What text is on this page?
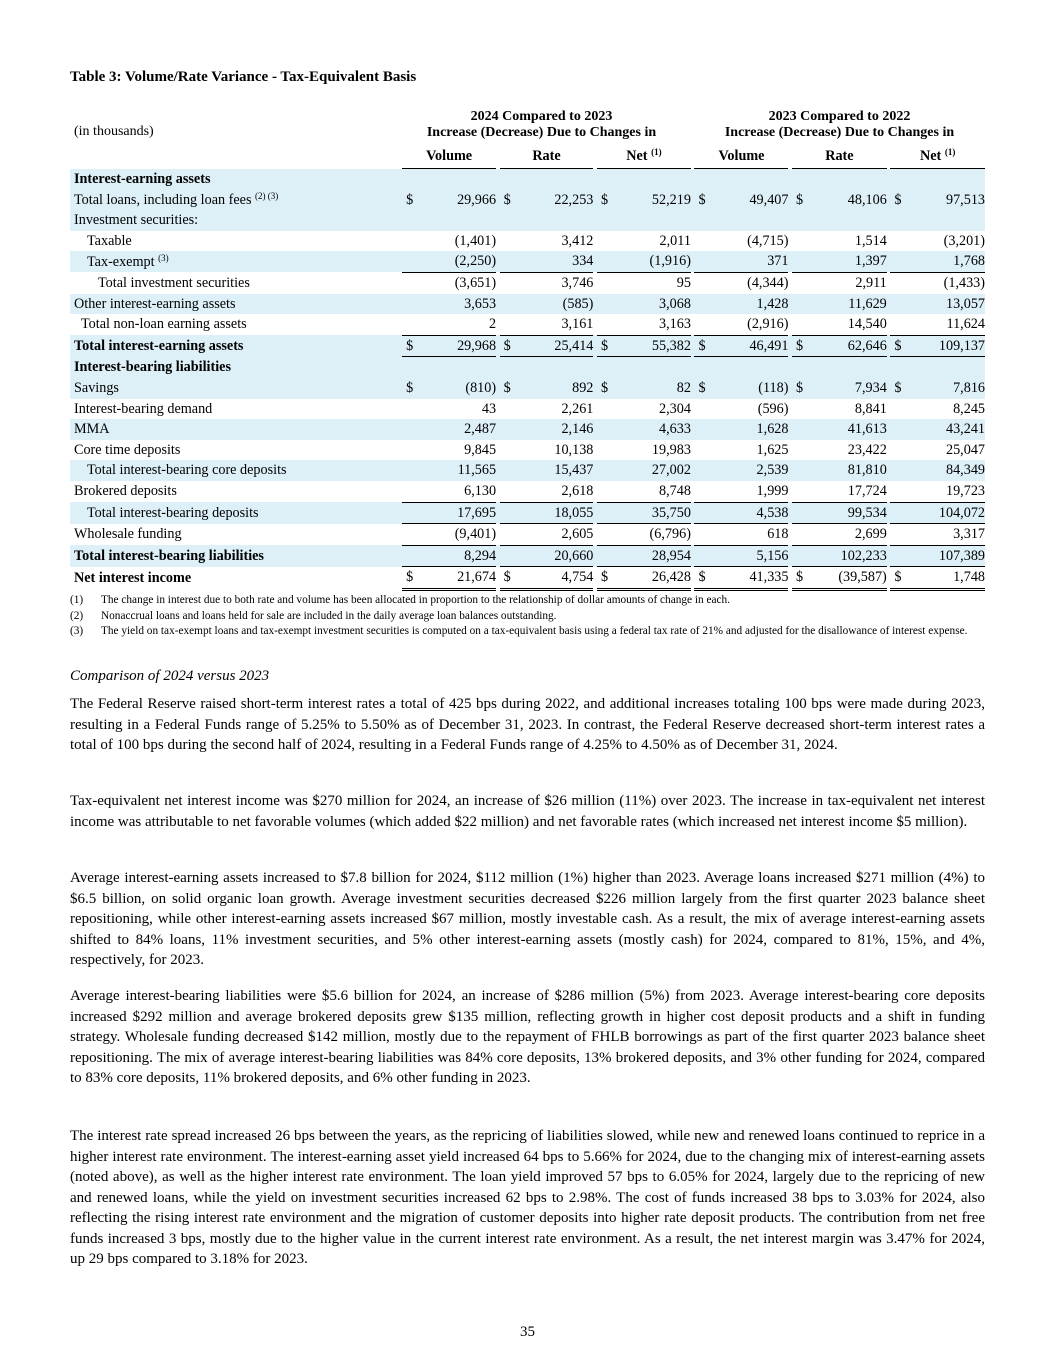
Table 3: Volume/Rate Variance - Tax-Equivalent Basis
2024 Compared to 2023
Increase (Decrease) Due to Changes in
2023 Compared to 2022
Increase (Decrease) Due to Changes in
(in thousands)
	Volume			Rate			Net $^{(1)}$			Volume			Rate			Net $^{(1)}$
Interest-earning assets																	
Total loans, including loan fees $^{(2) (3)}$	$	29,966		$	22,253		$	52,219		$	49,407		$	48,106		$	97,513
Investment securities:																	
Taxable		(1,401)			3,412			2,011			(4,715)			1,514			(3,201)
Tax-exempt $^{(3)}$		(2,250)			334			(1,916)			371			1,397			1,768
Total investment securities		(3,651)			3,746			95			(4,344)			2,911			(1,433)
Other interest-earning assets		3,653			(585)			3,068			1,428			11,629			13,057
Total non-loan earning assets		2			3,161			3,163			(2,916)			14,540			11,624
Total interest-earning assets	$	29,968		$	25,414		$	55,382		$	46,491		$	62,646		$	109,137
Interest-bearing liabilities																	
Savings	$	(810)		$	892		$	82		$	(118)		$	7,934		$	7,816
Interest-bearing demand		43			2,261			2,304			(596)			8,841			8,245
MMA		2,487			2,146			4,633			1,628			41,613			43,241
Core time deposits		9,845			10,138			19,983			1,625			23,422			25,047
Total interest-bearing core deposits		11,565			15,437			27,002			2,539			81,810			84,349
Brokered deposits		6,130			2,618			8,748			1,999			17,724			19,723
Total interest-bearing deposits		17,695			18,055			35,750			4,538			99,534			104,072
Wholesale funding		(9,401)			2,605			(6,796)			618			2,699			3,317
Total interest-bearing liabilities		8,294			20,660			28,954			5,156			102,233			107,389
Net interest income	$	21,674		$	4,754		$	26,428		$	41,335		$	(39,587)		$	1,748
(1)	The change in interest due to both rate and volume has been allocated in proportion to the relationship of dollar amounts of change in each.
(2)	Nonaccrual loans and loans held for sale are included in the daily average loan balances outstanding.
(3)	The yield on tax-exempt loans and tax-exempt investment securities is computed on a tax-equivalent basis using a federal tax rate of 21% and adjusted for the disallowance of interest expense.
Comparison of 2024 versus 2023
The Federal Reserve raised short-term interest rates a total of 425 bps during 2022, and additional increases totaling 100 bps were made during 2023, resulting in a Federal Funds range of 5.25% to 5.50% as of December 31, 2023. In contrast, the Federal Reserve decreased short-term interest rates a total of 100 bps during the second half of 2024, resulting in a Federal Funds range of 4.25% to 4.50% as of December 31, 2024.
Tax-equivalent net interest income was $270 million for 2024, an increase of $26 million (11%) over 2023. The increase in tax-equivalent net interest income was attributable to net favorable volumes (which added $22 million) and net favorable rates (which increased net interest income $5 million).
Average interest-earning assets increased to $7.8 billion for 2024, $112 million (1%) higher than 2023. Average loans increased $271 million (4%) to $6.5 billion, on solid organic loan growth. Average investment securities decreased $226 million largely from the first quarter 2023 balance sheet repositioning, while other interest-earning assets increased $67 million, mostly investable cash. As a result, the mix of average interest-earning assets shifted to 84% loans, 11% investment securities, and 5% other interest-earning assets (mostly cash) for 2024, compared to 81%, 15%, and 4%, respectively, for 2023.
Average interest-bearing liabilities were $5.6 billion for 2024, an increase of $286 million (5%) from 2023. Average interest-bearing core deposits increased $292 million and average brokered deposits grew $135 million, reflecting growth in higher cost deposit products and a shift in funding strategy. Wholesale funding decreased $142 million, mostly due to the repayment of FHLB borrowings as part of the first quarter 2023 balance sheet repositioning. The mix of average interest-bearing liabilities was 84% core deposits, 13% brokered deposits, and 3% other funding for 2024, compared to 83% core deposits, 11% brokered deposits, and 6% other funding in 2023.
The interest rate spread increased 26 bps between the years, as the repricing of liabilities slowed, while new and renewed loans continued to reprice in a higher interest rate environment. The interest-earning asset yield increased 64 bps to 5.66% for 2024, due to the changing mix of interest-earning assets (noted above), as well as the higher interest rate environment. The loan yield improved 57 bps to 6.05% for 2024, largely due to the repricing of new and renewed loans, while the yield on investment securities increased 62 bps to 2.98%. The cost of funds increased 38 bps to 3.03% for 2024, also reflecting the rising interest rate environment and the migration of customer deposits into higher rate deposit products. The contribution from net free funds increased 3 bps, mostly due to the higher value in the current interest rate environment. As a result, the net interest margin was 3.47% for 2024, up 29 bps compared to 3.18% for 2023.
35
